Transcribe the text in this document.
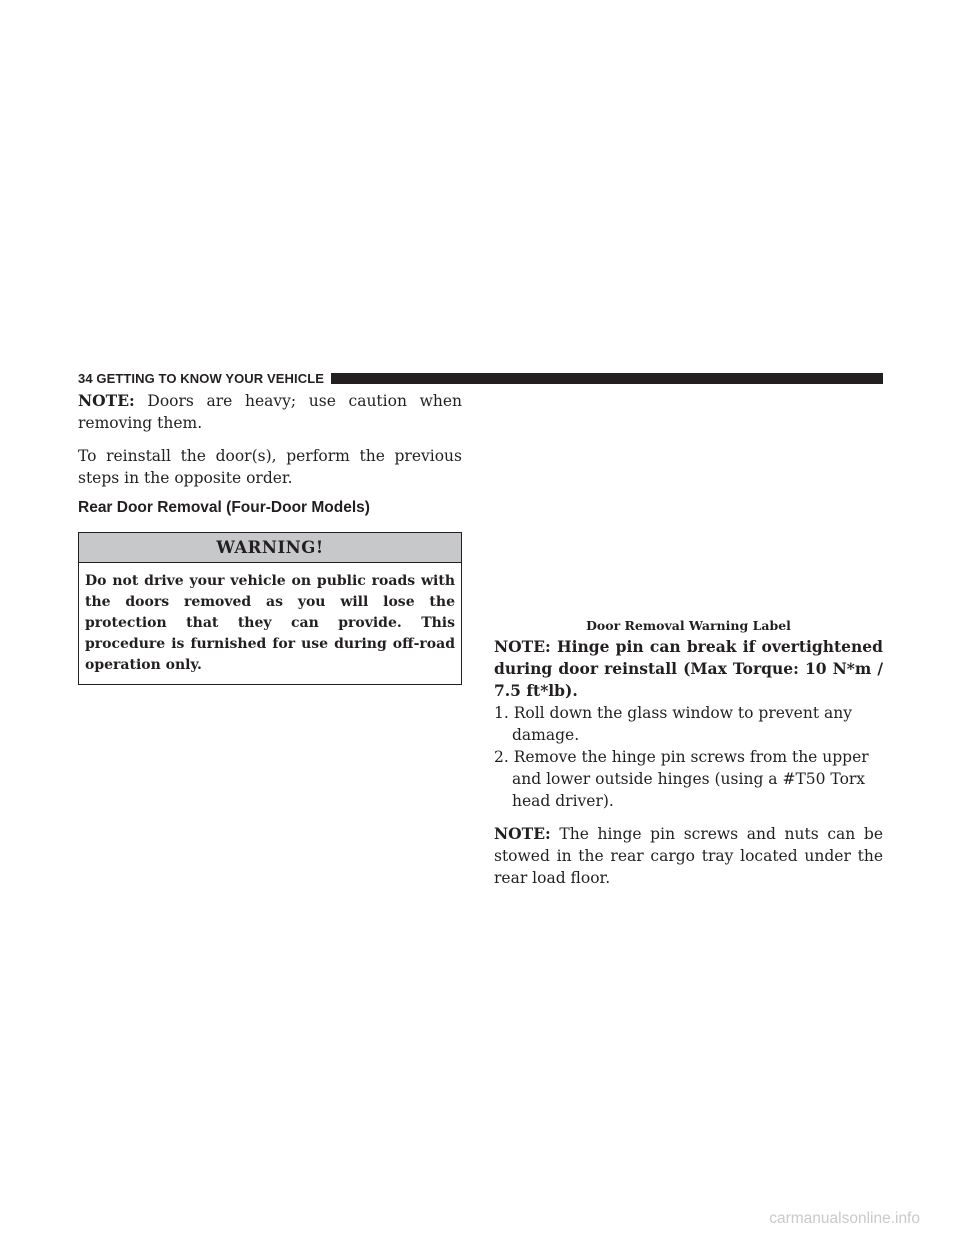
34 GETTING TO KNOW YOUR VEHICLE

NOTE: Doors are heavy; use caution when removing them.

To reinstall the door(s), perform the previous steps in the opposite order.

Rear Door Removal (Four-Door Models)
WARNING!
Do not drive your vehicle on public roads with the doors removed as you will lose the protection that they can provide. This procedure is furnished for use during off-road operation only.
Door Removal Warning Label

NOTE: Hinge pin can break if overtightened during door reinstall (Max Torque: 10 N*m / 7.5 ft*lb).

1. Roll down the glass window to prevent any damage.

2. Remove the hinge pin screws from the upper and lower outside hinges (using a #T50 Torx head driver).

NOTE: The hinge pin screws and nuts can be stowed in the rear cargo tray located under the rear load floor.

carmanualsonline.info
